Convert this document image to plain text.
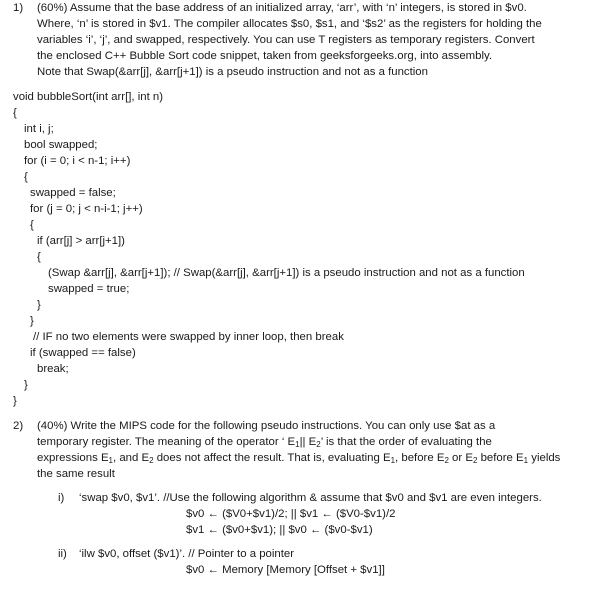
1) (60%) Assume that the base address of an initialized array, ‘arr’, with ‘n’ integers, is stored in $v0.
Where, ‘n’ is stored in $v1. The compiler allocates $s0, $s1, and ‘$s2’ as the registers for holding the
variables ‘i’, ‘j’, and swapped, respectively. You can use T registers as temporary registers. Convert
the enclosed C++ Bubble Sort code snippet, taken from geeksforgeeks.org, into assembly.
Note that Swap(&arr[j], &arr[j+1]) is a pseudo instruction and not as a function
void bubbleSort(int arr[], int n)
{
int i, j;
bool swapped;
for (i = 0; i < n-1; i++)
{
swapped = false;
for (j = 0; j < n-i-1; j++)
{
if (arr[j] > arr[j+1])
{
(Swap &arr[j], &arr[j+1]); // Swap(&arr[j], &arr[j+1]) is a pseudo instruction and not as a function
swapped = true;
}
}
// IF no two elements were swapped by inner loop, then break
if (swapped == false)
break;
}
}
2) (40%) Write the MIPS code for the following pseudo instructions. You can only use $at as a
temporary register. The meaning of the operator ‘ $E_1||$ $E_2$’ is that the order of evaluating the
expressions $E_1$, and $E_2$ does not affect the result. That is, evaluating $E_1$, before $E_2$ or $E_2$ before $E_1$ yields
the same result
i) ‘swap $v0, $v1’. //Use the following algorithm & assume that $v0 and $v1 are even integers.
$v0 ← ($V0+$v1)/2; || $v1 ← ($V0-$v1)/2
$v1 ← ($v0+$v1); || $v0 ← ($v0-$v1)
ii) ‘ilw $v0, offset ($v1)’. // Pointer to a pointer
$v0 ← Memory [Memory [Offset + $v1]]
